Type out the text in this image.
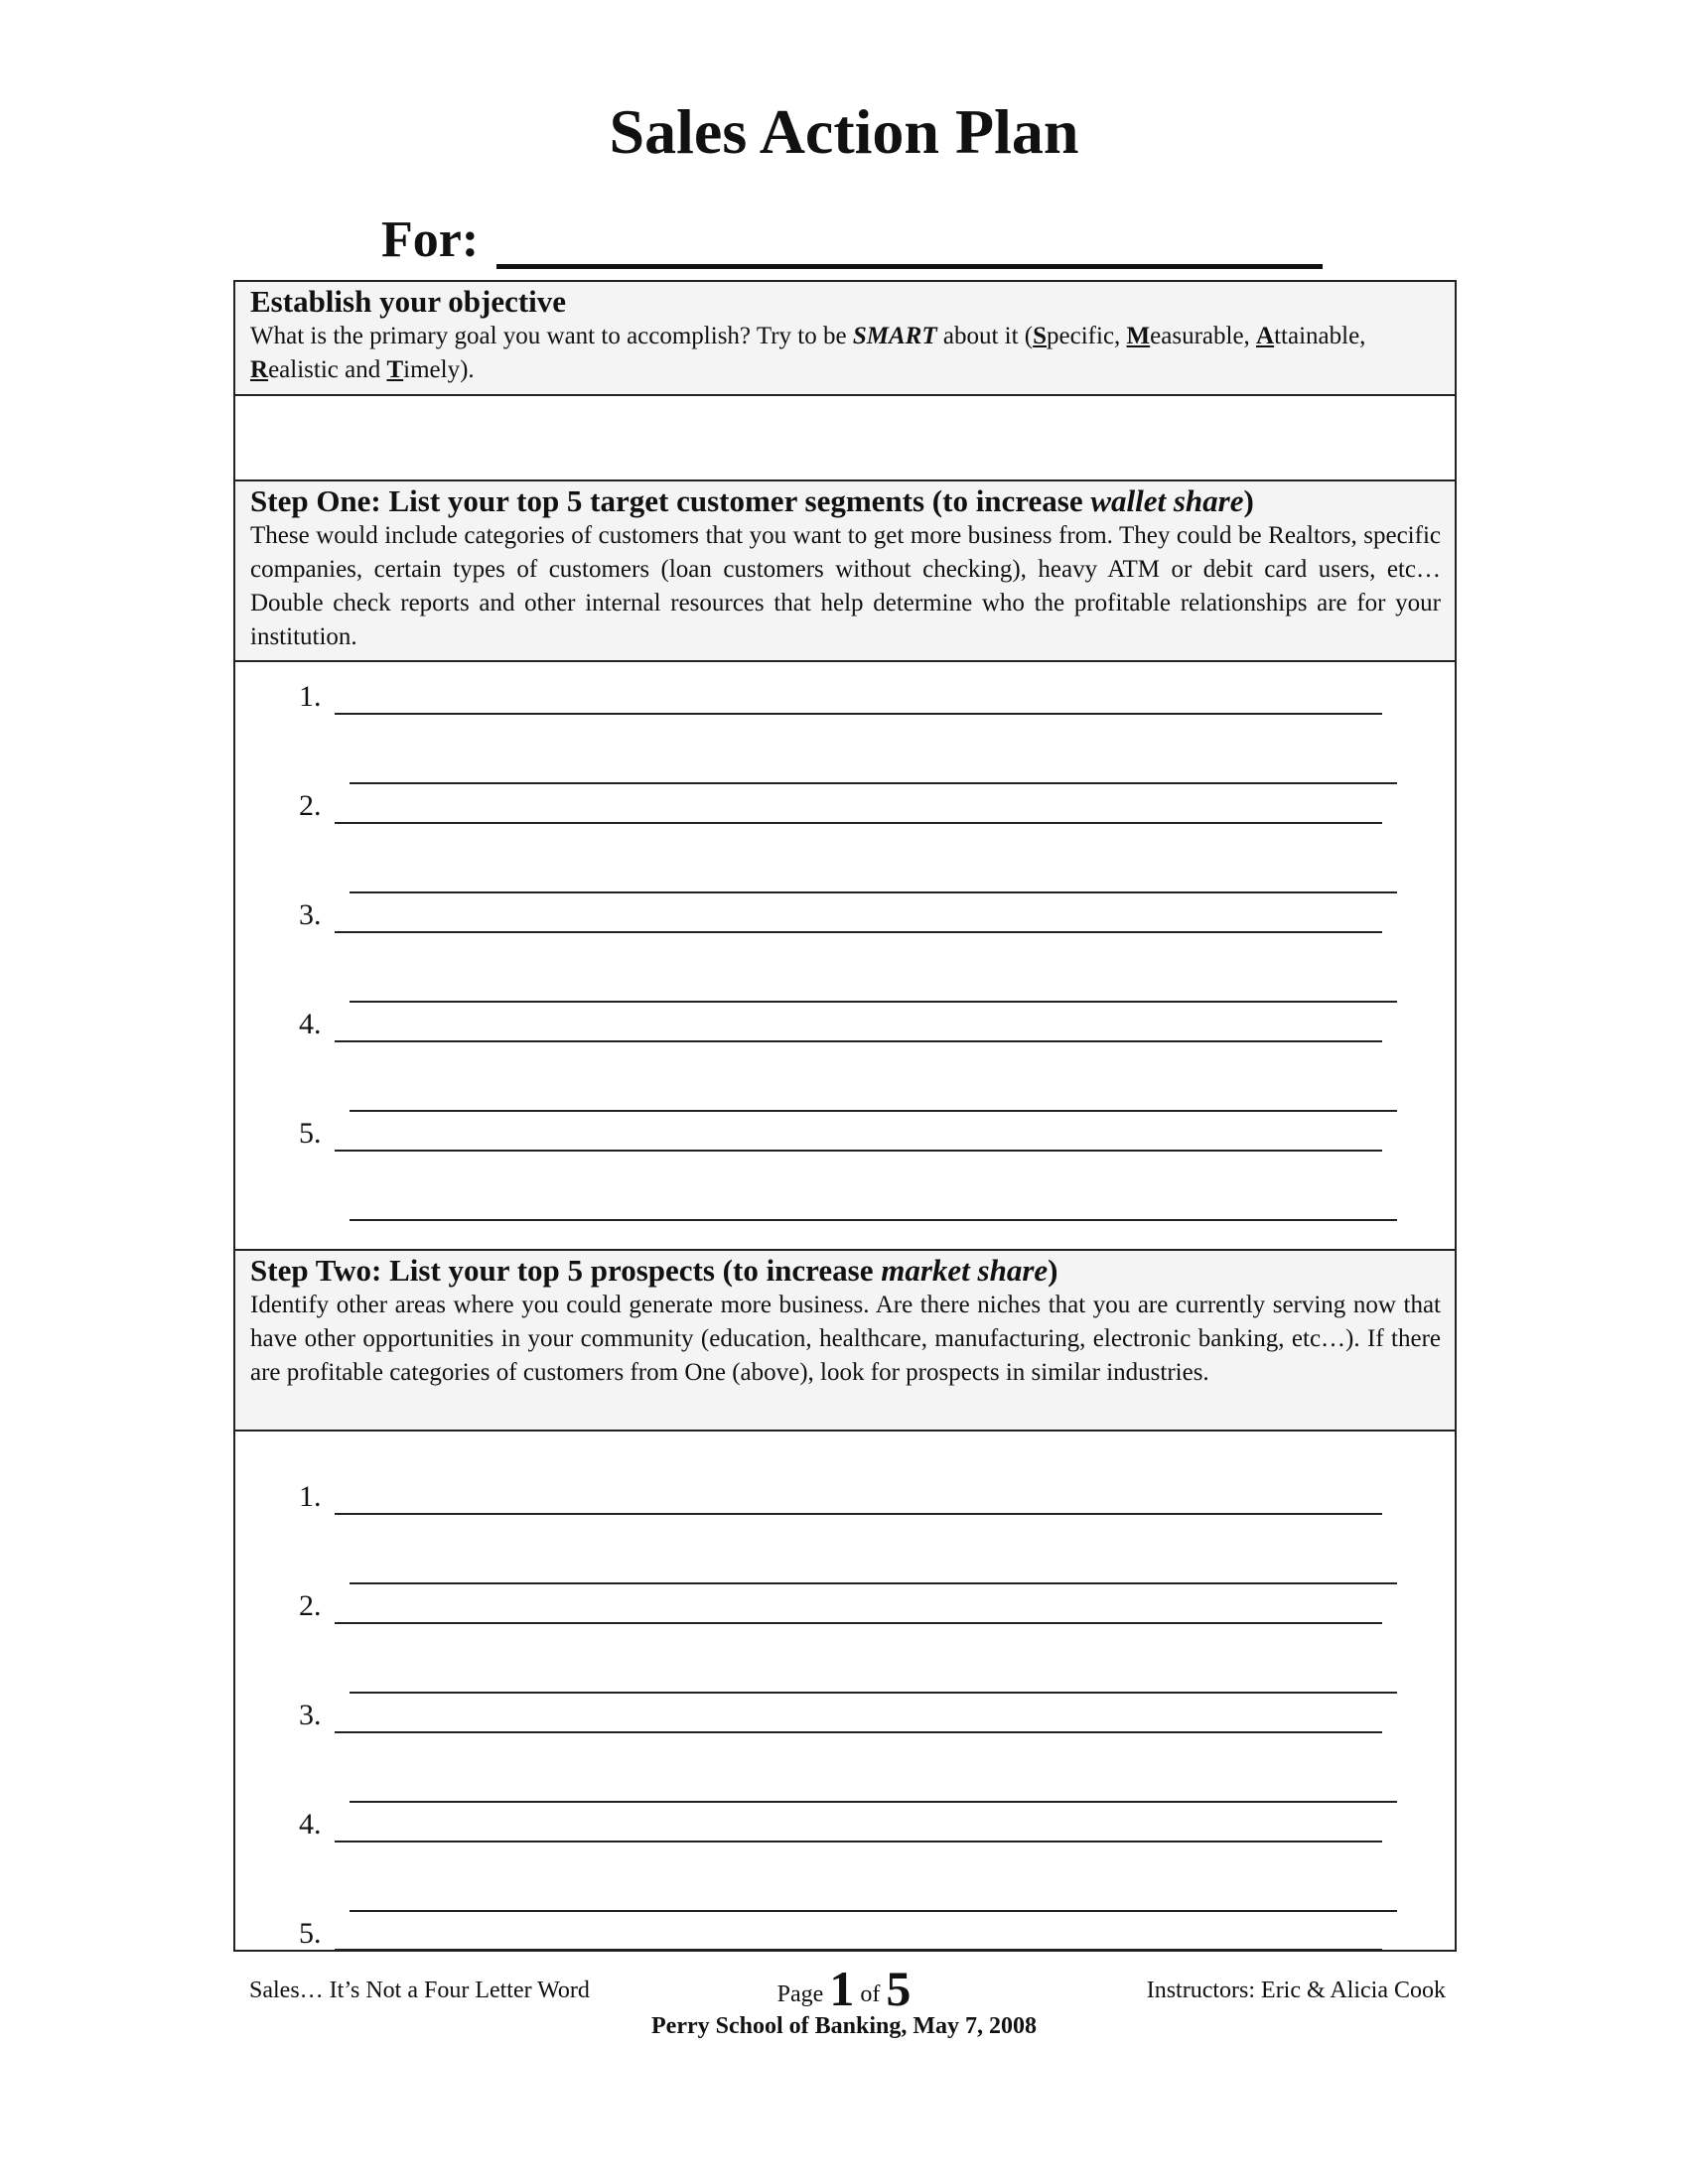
Sales Action Plan
For:

Establish your objective

What is the primary goal you want to accomplish? Try to be SMART about it (Specific, Measurable, Attainable, Realistic and Timely).

Step One: List your top 5 target customer segments (to increase wallet share)

These would include categories of customers that you want to get more business from. They could be Realtors, specific companies, certain types of customers (loan customers without checking), heavy ATM or debit card users, etc… Double check reports and other internal resources that help determine who the profitable relationships are for your institution.

1.
2.
3.
4.
5.

Step Two: List your top 5 prospects (to increase market share)

Identify other areas where you could generate more business. Are there niches that you are currently serving now that have other opportunities in your community (education, healthcare, manufacturing, electronic banking, etc…). If there are profitable categories of customers from One (above), look for prospects in similar industries.

1.
2.
3.
4.
5.
Sales… It’s Not a Four Letter Word	Page 1 of 5	Instructors: Eric & Alicia Cook
Perry School of Banking, May 7, 2008
